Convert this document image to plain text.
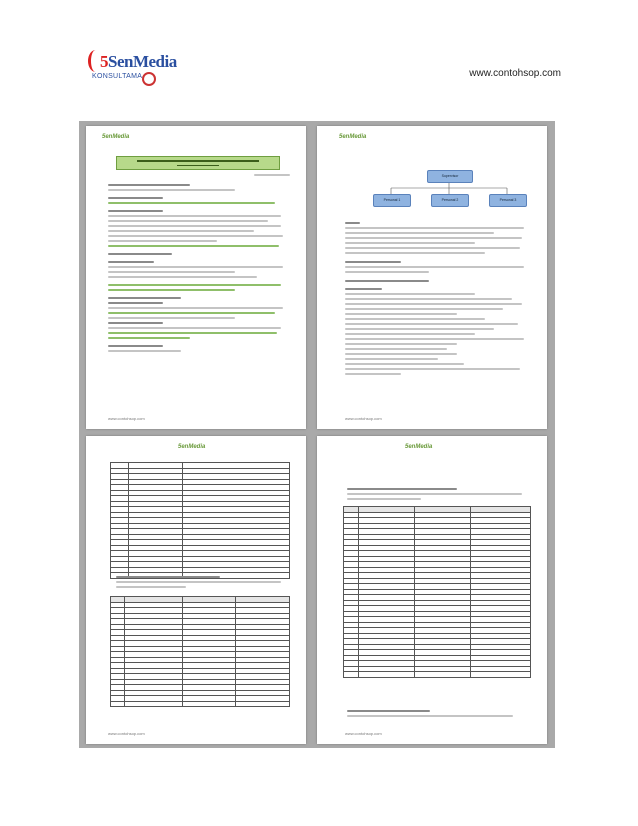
5SenMedia
KONSULTAMA	www.contohsop.com
5enMedia
www.contohsop.com
5enMedia
Supervisor
Personal 1	Personal 2	Personal 3
www.contohsop.com
5enMedia

www.contohsop.com
5enMedia

www.contohsop.com
